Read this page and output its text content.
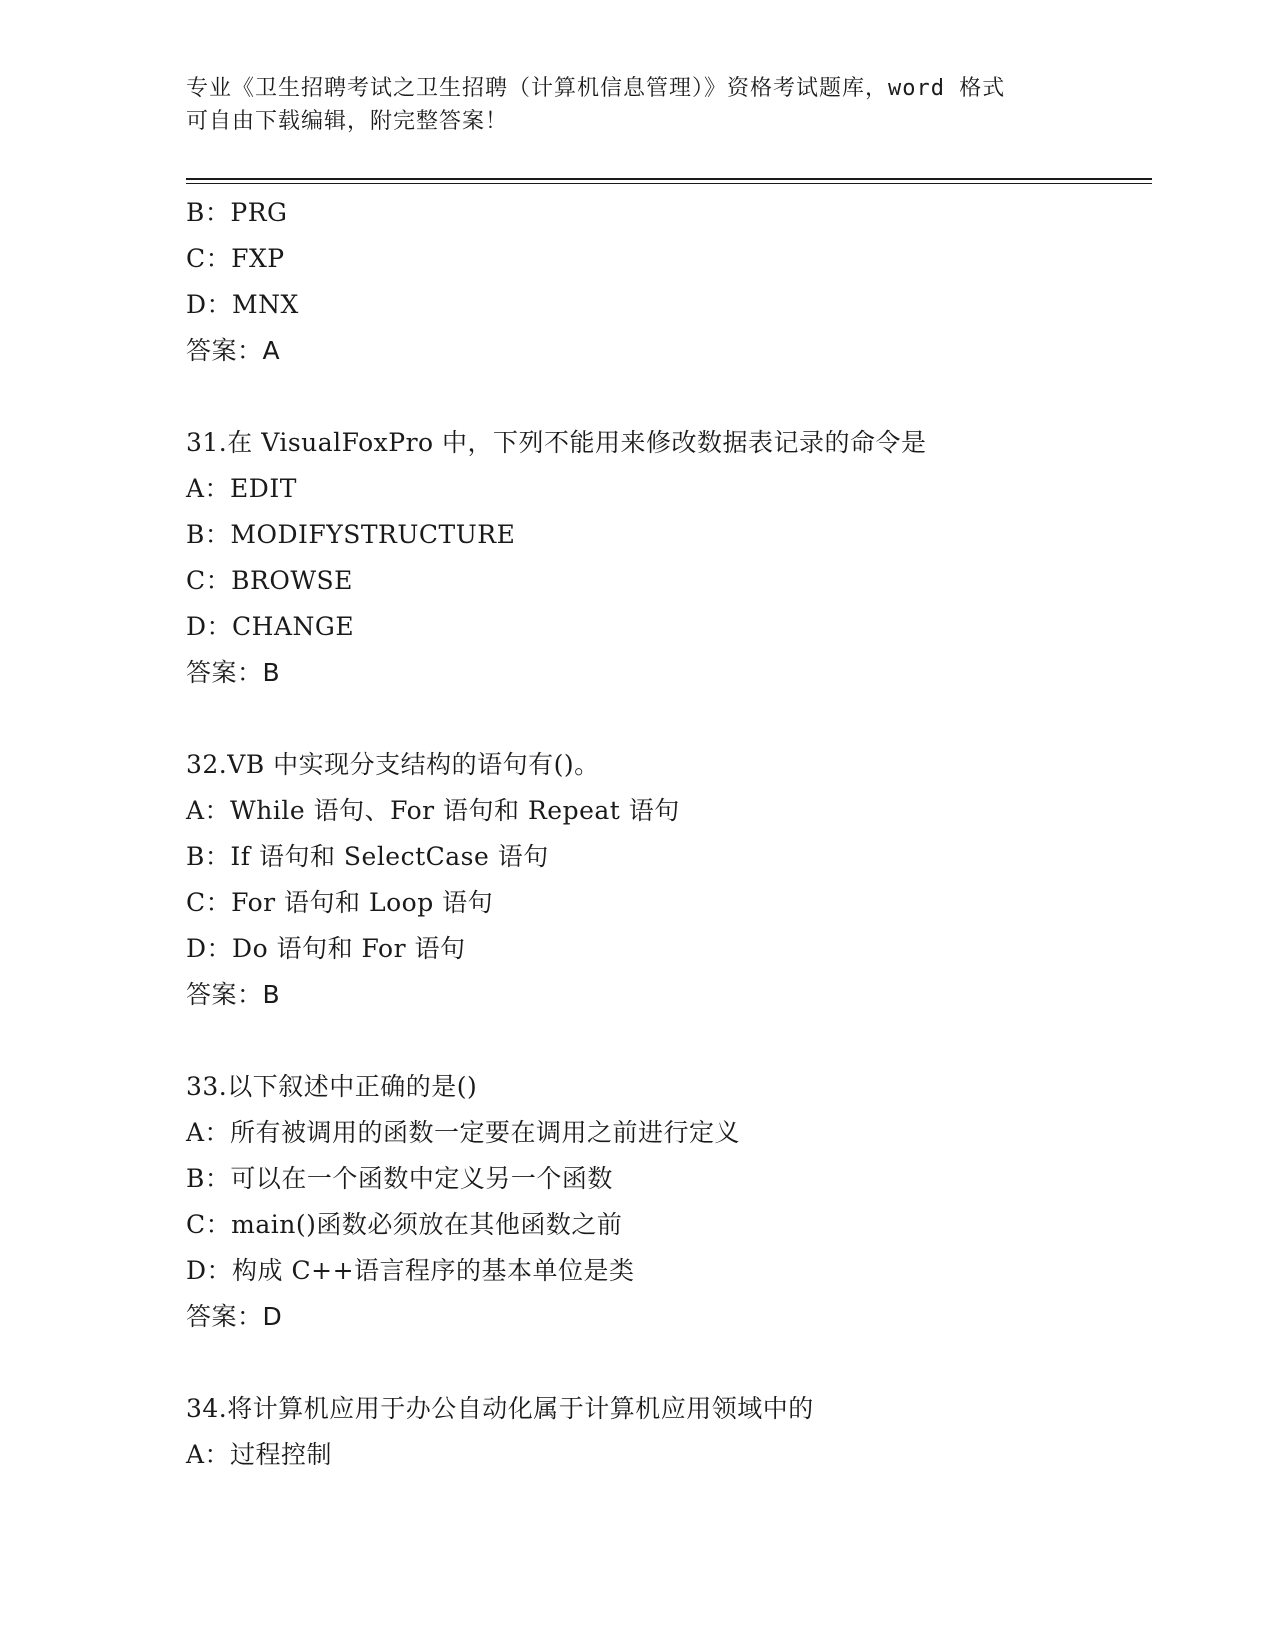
专业《卫生招聘考试之卫生招聘（计算机信息管理）》资格考试题库，word 格式
可自由下载编辑，附完整答案！
B：PRG
C：FXP
D：MNX
答案：A
31.在 VisualFoxPro 中，下列不能用来修改数据表记录的命令是
A：EDIT
B：MODIFYSTRUCTURE
C：BROWSE
D：CHANGE
答案：B
32.VB 中实现分支结构的语句有()。
A：While 语句、For 语句和 Repeat 语句
B：If 语句和 SelectCase 语句
C：For 语句和 Loop 语句
D：Do 语句和 For 语句
答案：B
33.以下叙述中正确的是()
A：所有被调用的函数一定要在调用之前进行定义
B：可以在一个函数中定义另一个函数
C：main()函数必须放在其他函数之前
D：构成 C++语言程序的基本单位是类
答案：D
34.将计算机应用于办公自动化属于计算机应用领域中的
A：过程控制
